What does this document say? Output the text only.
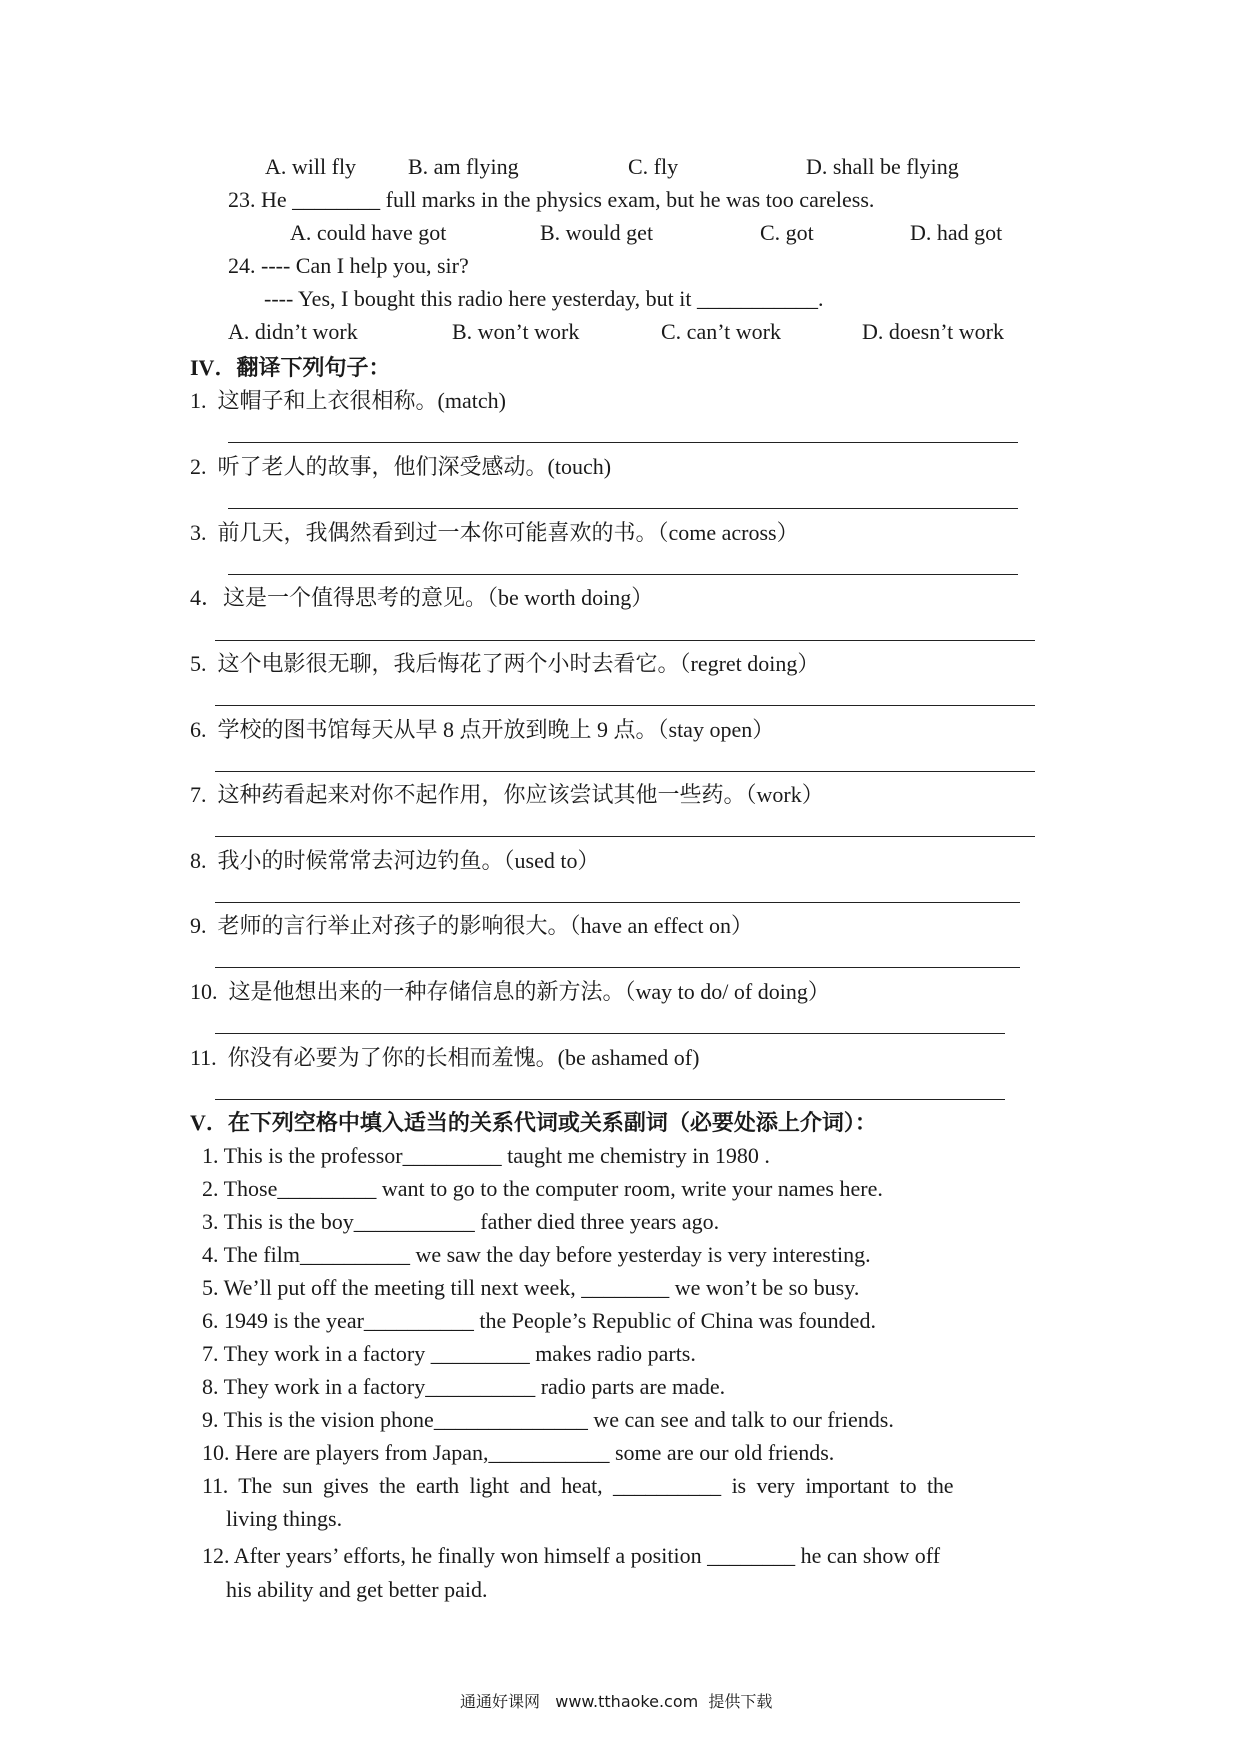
A. will fly B. am flying	C. fly	D. shall be flying
23. He ________ full marks in the physics exam, but he was too careless.
A. could have got	B. would get	C. got	D. had got
24. ---- Can I help you, sir?
---- Yes, I bought this radio here yesterday, but it ___________.
A. didn’t work	B. won’t work	C. can’t work	D. doesn’t work
IV．翻译下列句子：
1.  这帽子和上衣很相称。(match)
2.  听了老人的故事，他们深受感动。(touch)
3.  前几天，我偶然看到过一本你可能喜欢的书。（come across）
4．这是一个值得思考的意见。（be worth doing）
5.  这个电影很无聊，我后悔花了两个小时去看它。（regret doing）
6.  学校的图书馆每天从早 8 点开放到晚上 9 点。（stay open）
7.  这种药看起来对你不起作用，你应该尝试其他一些药。（work）
8.  我小的时候常常去河边钓鱼。（used to）
9.  老师的言行举止对孩子的影响很大。（have an effect on）
10.  这是他想出来的一种存储信息的新方法。（way to do/ of doing）
11.  你没有必要为了你的长相而羞愧。(be ashamed of)
V．在下列空格中填入适当的关系代词或关系副词（必要处添上介词）：
1. This is the professor_________ taught me chemistry in 1980 .
2. Those_________ want to go to the computer room, write your names here.
3. This is the boy___________ father died three years ago.
4. The film__________ we saw the day before yesterday is very interesting.
5. We’ll put off the meeting till next week, ________ we won’t be so busy.
6. 1949 is the year__________ the People’s Republic of China was founded.
7. They work in a factory _________ makes radio parts.
8. They work in a factory__________ radio parts are made.
9. This is the vision phone______________ we can see and talk to our friends.
10. Here are players from Japan,___________ some are our old friends.
11.  The  sun  gives  the  earth  light  and  heat,  __________  is  very  important  to  the
living things.
12. After years’ efforts, he finally won himself a position ________ he can show off
his ability and get better paid.
通通好课网   www.tthaoke.com  提供下载
